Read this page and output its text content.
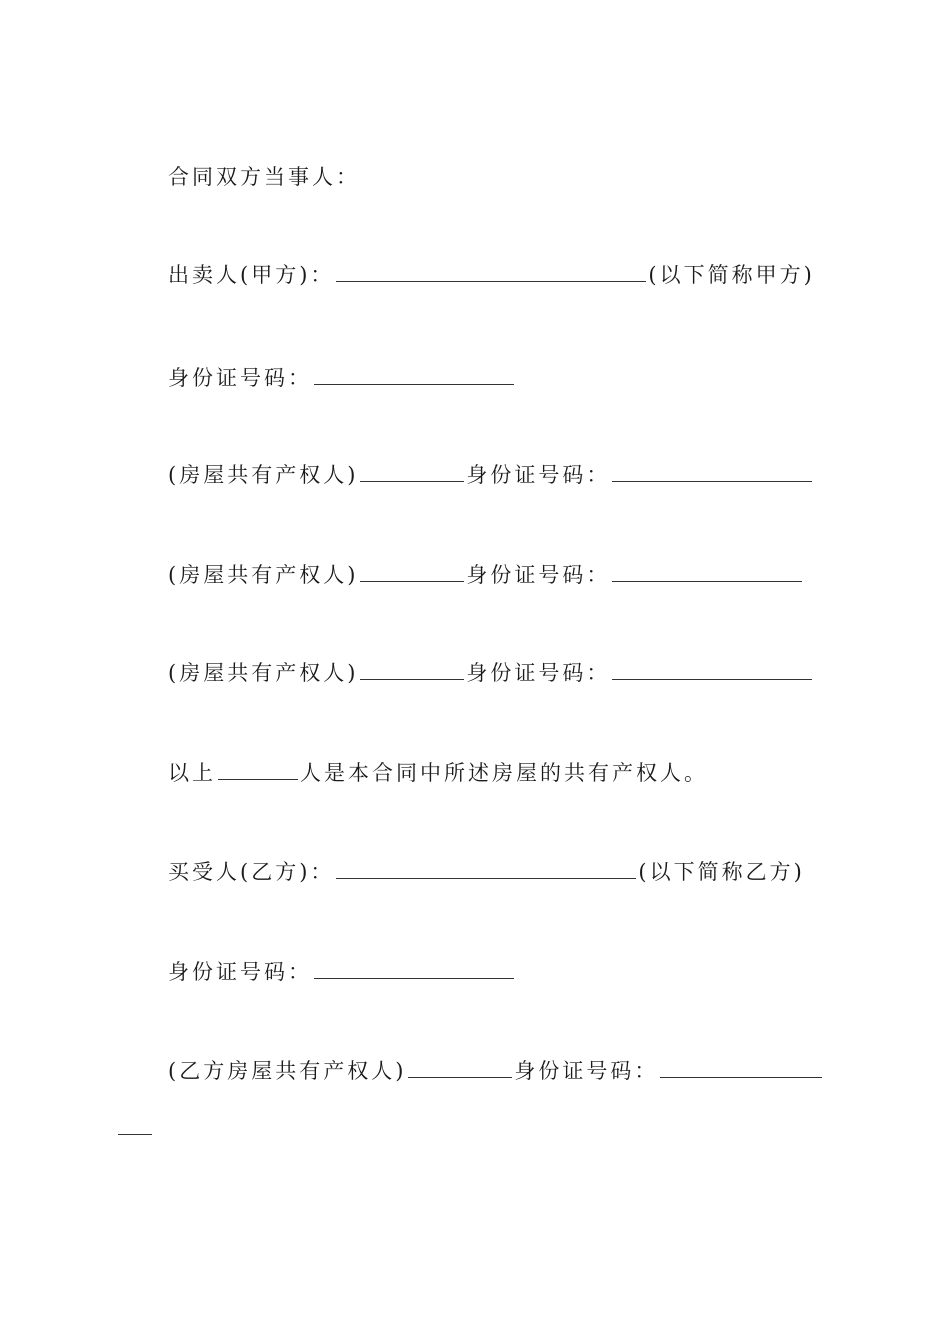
合同双方当事人：
出卖人(甲方)：	(以下简称甲方)
身份证号码：
(房屋共有产权人)	身份证号码：
(房屋共有产权人)	身份证号码：
(房屋共有产权人)	身份证号码：
以上	人是本合同中所述房屋的共有产权人。
买受人(乙方)：	(以下简称乙方)
身份证号码：
(乙方房屋共有产权人)	身份证号码：
